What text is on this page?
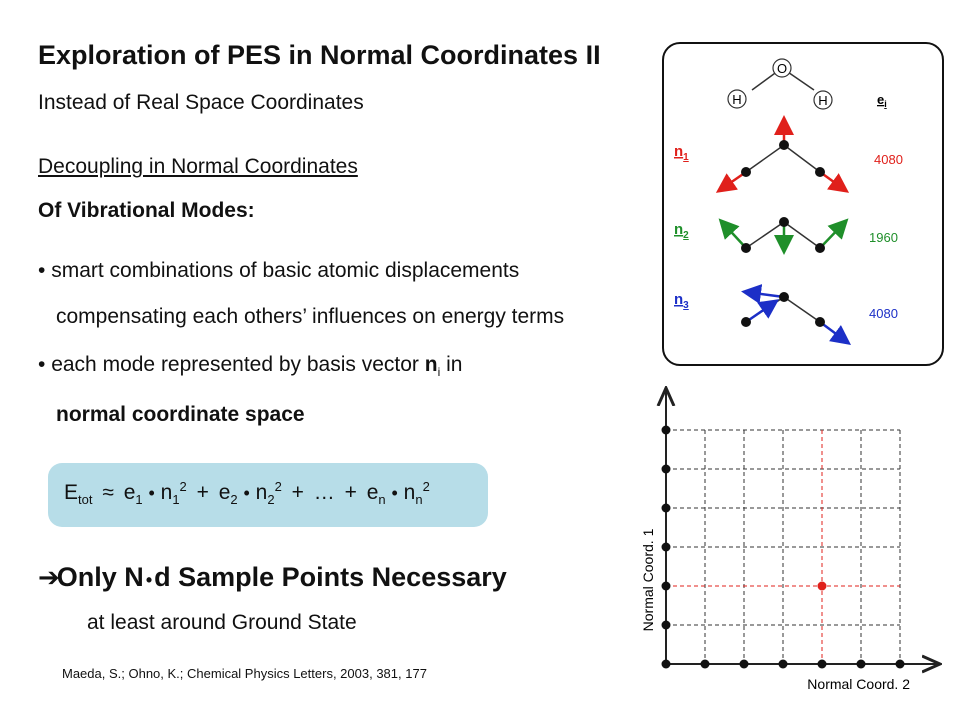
Exploration of PES in Normal Coordinates II
Instead of Real Space Coordinates
Decoupling in Normal Coordinates
Of Vibrational Modes:
• smart combinations of basic atomic displacements
compensating each others’ influences on energy terms
• each mode represented by basis vector $n_i$ in
normal coordinate space
$E_{tot} \approx e_1$ • $n_1^2 + e_2$ • $n_2^2$ + … + $e_n$ • $n_n^2$
➔Only N •d Sample Points Necessary
at least around Ground State
Maeda, S.; Ohno, K.; Chemical Physics Letters, 2003, 381, 177
O
H	H	$e_i$
$n_1$	4080
$n_2$	1960
$n_3$
4080
Normal Coord. 2
Normal Coord. 1
